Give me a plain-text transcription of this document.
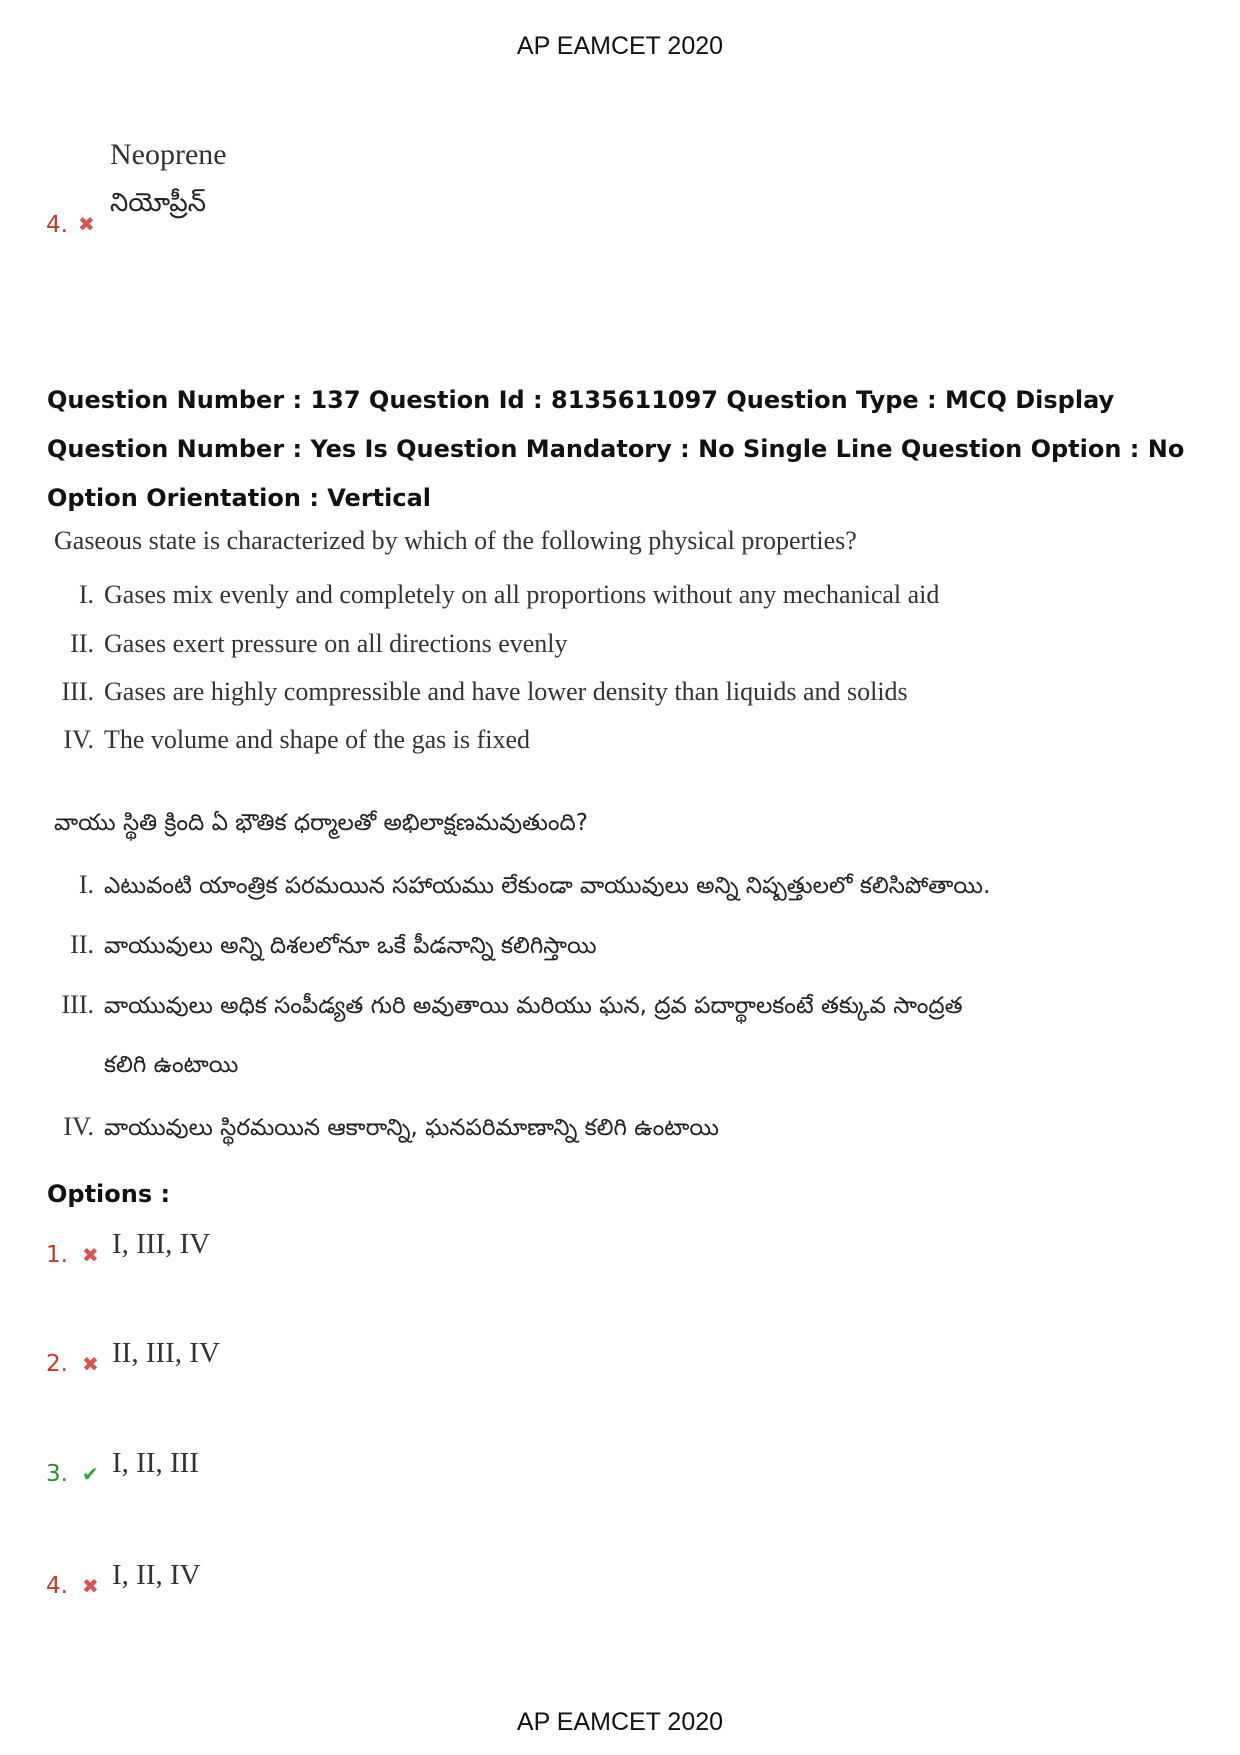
AP EAMCET 2020
Neoprene
నియోప్రీన్
4. ✖
Question Number : 137 Question Id : 8135611097 Question Type : MCQ Display Question Number : Yes Is Question Mandatory : No Single Line Question Option : No Option Orientation : Vertical
Gaseous state is characterized by which of the following physical properties?
I. Gases mix evenly and completely on all proportions without any mechanical aid
II. Gases exert pressure on all directions evenly
III. Gases are highly compressible and have lower density than liquids and solids
IV. The volume and shape of the gas is fixed
వాయు స్థితి క్రింది ఏ భౌతిక ధర్మాలతో అభిలాక్షణమవుతుంది?
I. ఎటువంటి యాంత్రిక పరమయిన సహాయము లేకుండా వాయువులు అన్ని నిష్పత్తులలో కలిసిపోతాయి.
II. వాయువులు అన్ని దిశలలోనూ ఒకే పీడనాన్ని కలిగిస్తాయి
III. వాయువులు అధిక సంపీడ్యత గురి అవుతాయి మరియు ఘన, ద్రవ పదార్థాలకంటే తక్కువ సాంద్రత
కలిగి ఉంటాయి
IV. వాయువులు స్థిరమయిన ఆకారాన్ని, ఘనపరిమాణాన్ని కలిగి ఉంటాయి
Options :
1. ✖ I, III, IV
2. ✖ II, III, IV
3. ✔ I, II, III
4. ✖ I, II, IV
AP EAMCET 2020
